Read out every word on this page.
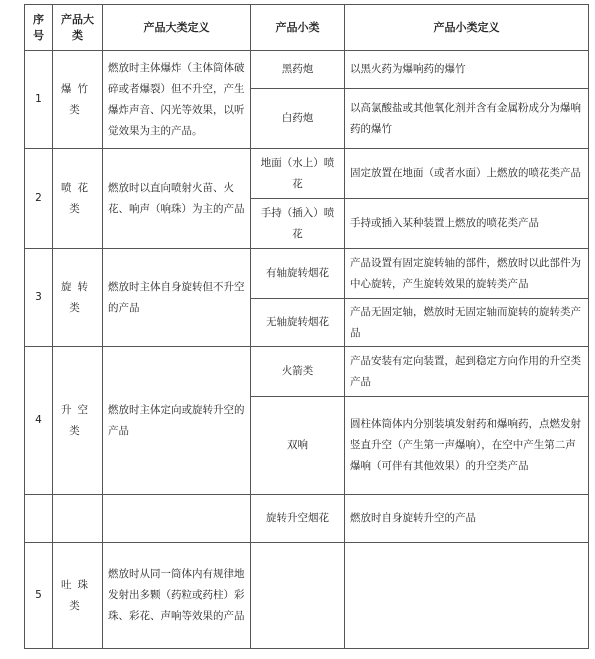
序号	产品大类	产品大类定义	产品小类	产品小类定义
1	爆竹类	燃放时主体爆炸（主体筒体破碎或者爆裂）但不升空，产生爆炸声音、闪光等效果，以听觉效果为主的产品。	黑药炮	以黑火药为爆响药的爆竹
			白药炮	以高氯酸盐或其他氧化剂并含有金属粉成分为爆响药的爆竹
2	喷花类	燃放时以直向喷射火苗、火花、响声（响珠）为主的产品	地面（水上）喷花	固定放置在地面（或者水面）上燃放的喷花类产品
			手持（插入）喷花	手持或插入某种装置上燃放的喷花类产品
3	旋转类	燃放时主体自身旋转但不升空的产品	有轴旋转烟花	产品设置有固定旋转轴的部件，燃放时以此部件为中心旋转，产生旋转效果的旋转类产品
			无轴旋转烟花	产品无固定轴，燃放时无固定轴而旋转的旋转类产品
4	升空类	燃放时主体定向或旋转升空的产品	火箭类	产品安装有定向装置，起到稳定方向作用的升空类产品
			双响	圆柱体筒体内分别装填发射药和爆响药，点燃发射竖直升空（产生第一声爆响），在空中产生第二声爆响（可伴有其他效果）的升空类产品
			旋转升空烟花	燃放时自身旋转升空的产品
5	吐珠类	燃放时从同一筒体内有规律地发射出多颗（药粒或药柱）彩珠、彩花、声响等效果的产品		
